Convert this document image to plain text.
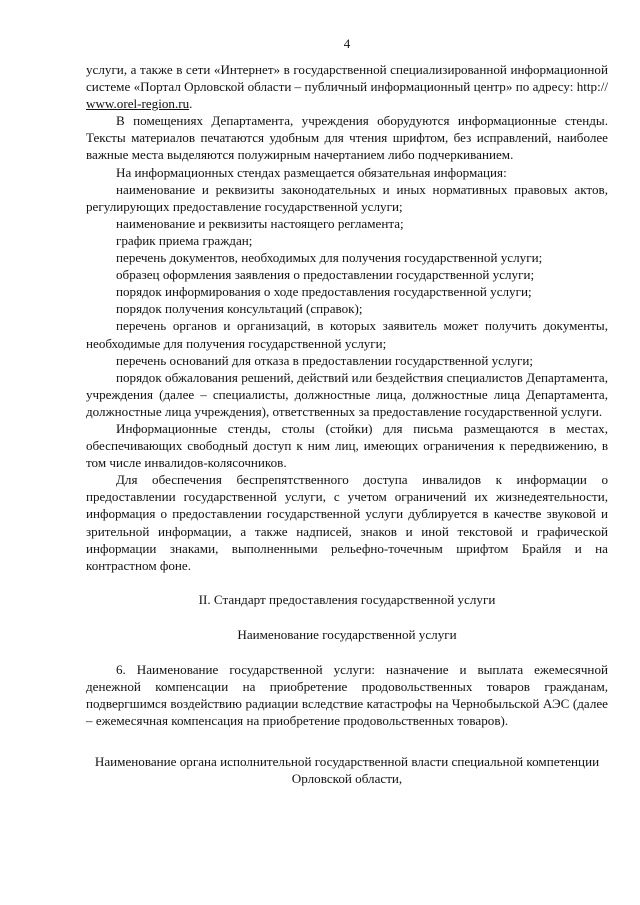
4

услуги, а также в сети «Интернет» в государственной специализированной информационной системе «Портал Орловской области – публичный информационный центр» по адресу: http:// www.orel-region.ru.

В помещениях Департамента, учреждения оборудуются информационные стенды. Тексты материалов печатаются удобным для чтения шрифтом, без исправлений, наиболее важные места выделяются полужирным начертанием либо подчеркиванием.

На информационных стендах размещается обязательная информация:

наименование и реквизиты законодательных и иных нормативных правовых актов, регулирующих предоставление государственной услуги;

наименование и реквизиты настоящего регламента;

график приема граждан;

перечень документов, необходимых для получения государственной услуги;

образец оформления заявления о предоставлении государственной услуги;

порядок информирования о ходе предоставления государственной услуги;

порядок получения консультаций (справок);

перечень органов и организаций, в которых заявитель может получить документы, необходимые для получения государственной услуги;

перечень оснований для отказа в предоставлении государственной услуги;

порядок обжалования решений, действий или бездействия специалистов Департамента, учреждения (далее – специалисты, должностные лица, должностные лица Департамента, должностные лица учреждения), ответственных за предоставление государственной услуги.

Информационные стенды, столы (стойки) для письма размещаются в местах, обеспечивающих свободный доступ к ним лиц, имеющих ограничения к передвижению, в том числе инвалидов-колясочников.

Для обеспечения беспрепятственного доступа инвалидов к информации о предоставлении государственной услуги, с учетом ограничений их жизнедеятельности, информация о предоставлении государственной услуги дублируется в качестве звуковой и зрительной информации, а также надписей, знаков и иной текстовой и графической информации знаками, выполненными рельефно-точечным шрифтом Брайля и на контрастном фоне.

II. Стандарт предоставления государственной услуги

Наименование государственной услуги

6. Наименование государственной услуги: назначение и выплата ежемесячной денежной компенсации на приобретение продовольственных товаров гражданам, подвергшимся воздействию радиации вследствие катастрофы на Чернобыльской АЭС (далее – ежемесячная компенсация на приобретение продовольственных товаров).

Наименование органа исполнительной государственной власти специальной компетенции Орловской области,
